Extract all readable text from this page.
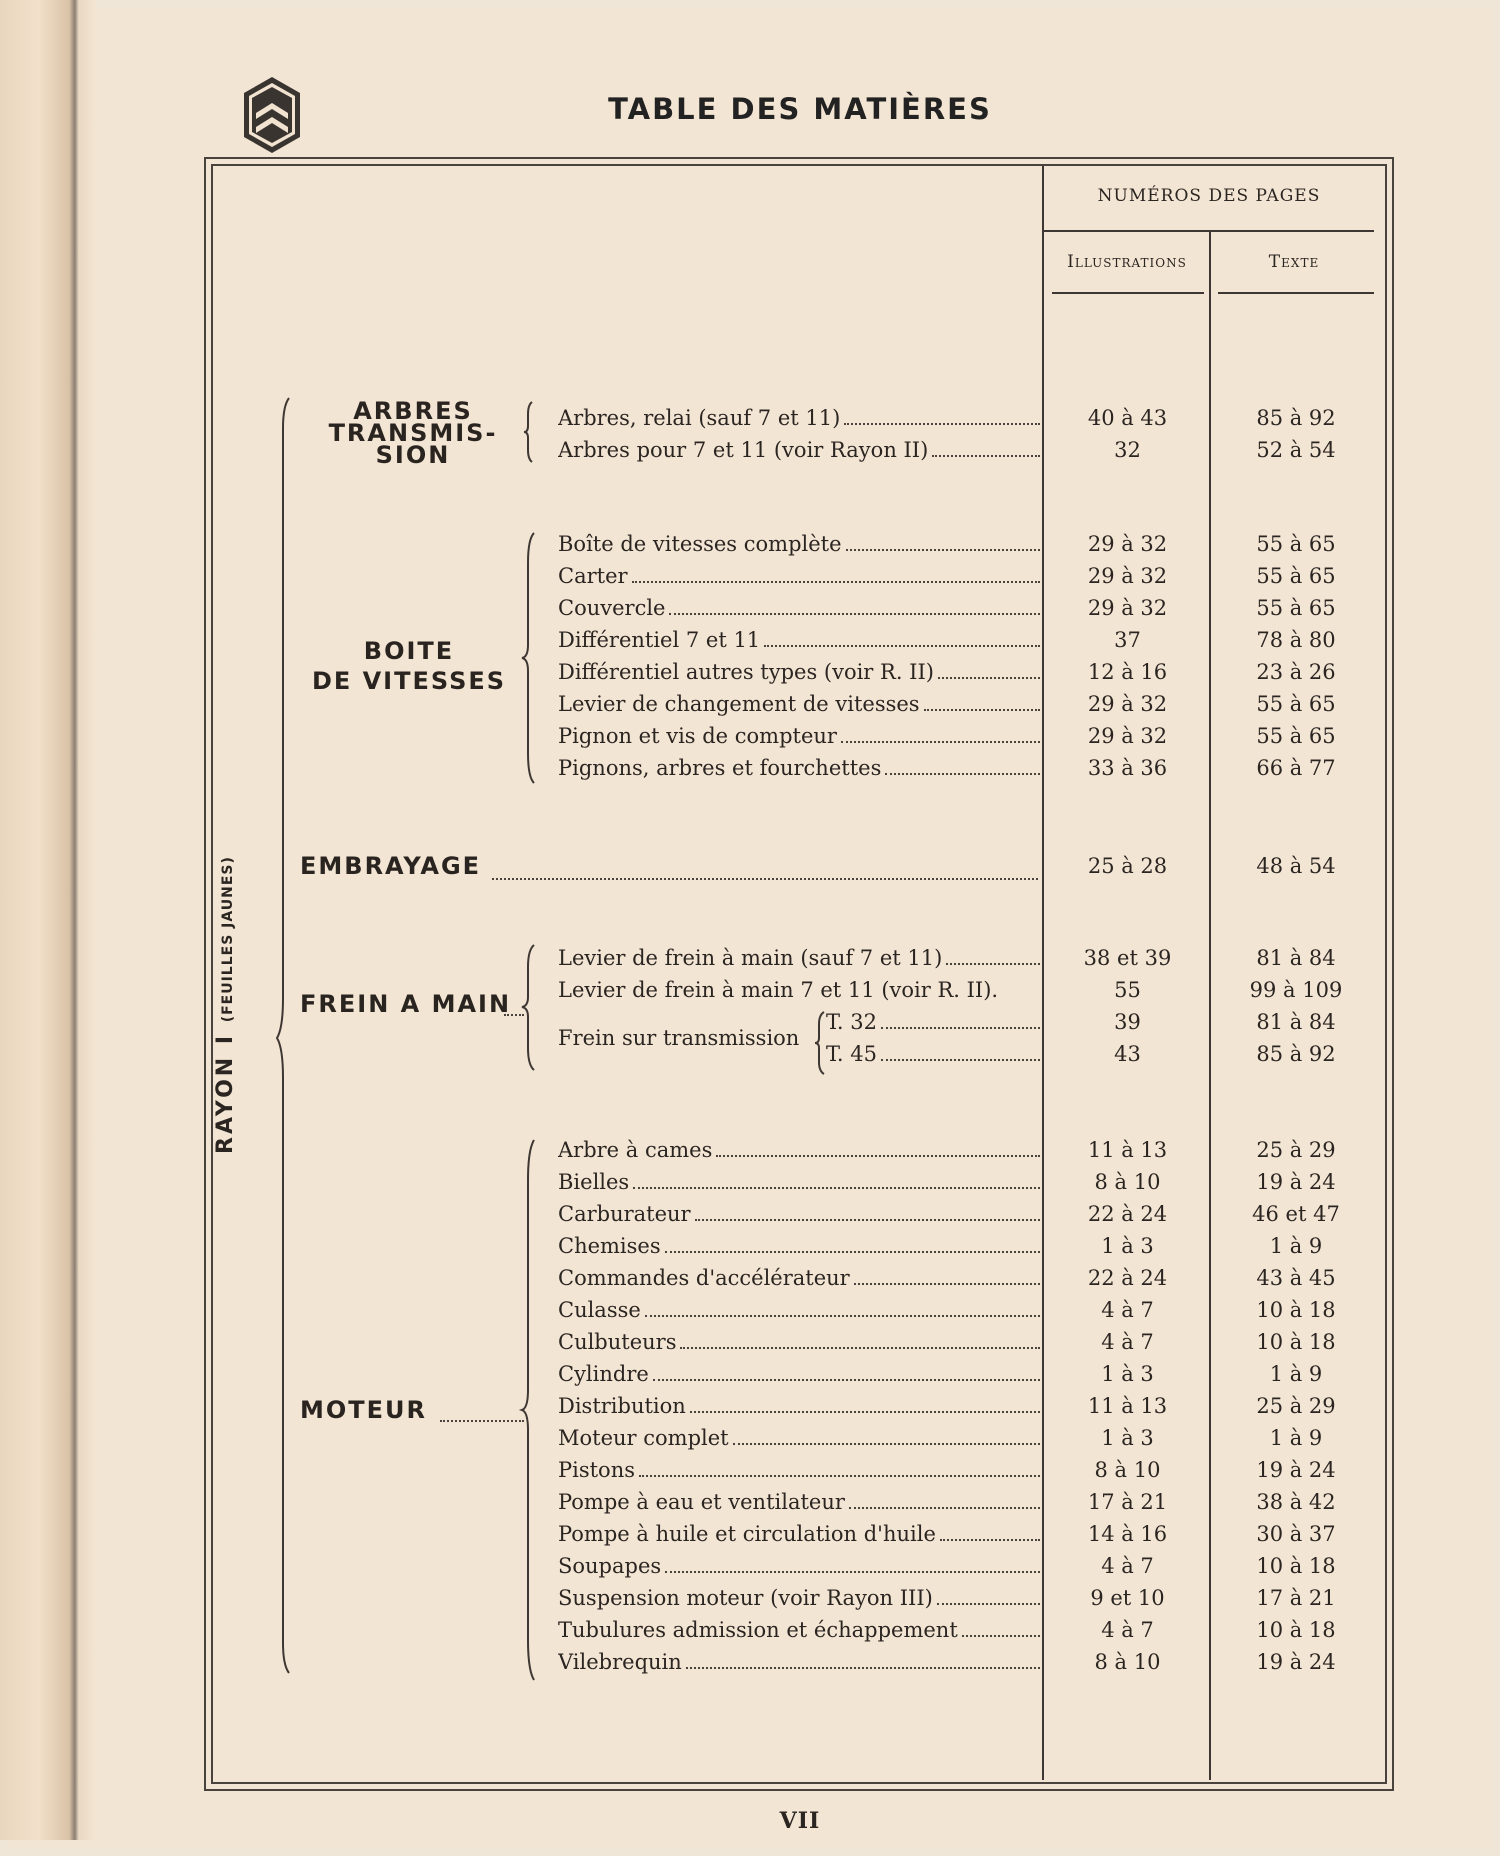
TABLE DES MATIÈRES
NUMÉROS DES PAGES
Illustrations	Texte
RAYON I (FEUILLES JAUNES)
ARBRES
TRANSMIS-
SION
BOITE
DE VITESSES
EMBRAYAGE	25 à 28	48 à 54
FREIN A MAIN
MOTEUR
Frein sur transmission
Arbres, relai (sauf 7 et 11)	40 à 43	85 à 92
Arbres pour 7 et 11 (voir Rayon II)	32	52 à 54
Boîte de vitesses complète	29 à 32	55 à 65
Carter	29 à 32	55 à 65
Couvercle	29 à 32	55 à 65
Différentiel 7 et 11	37	78 à 80
Différentiel autres types (voir R. II)	12 à 16	23 à 26
Levier de changement de vitesses	29 à 32	55 à 65
Pignon et vis de compteur	29 à 32	55 à 65
Pignons, arbres et fourchettes	33 à 36	66 à 77
Levier de frein à main (sauf 7 et 11)	38 et 39	81 à 84
Levier de frein à main 7 et 11 (voir R. II).	55	99 à 109
T. 32	39	81 à 84
T. 45	43	85 à 92
Arbre à cames	11 à 13	25 à 29
Bielles	8 à 10	19 à 24
Carburateur	22 à 24	46 et 47
Chemises	1 à 3	1 à 9
Commandes d'accélérateur	22 à 24	43 à 45
Culasse	4 à 7	10 à 18
Culbuteurs	4 à 7	10 à 18
Cylindre	1 à 3	1 à 9
Distribution	11 à 13	25 à 29
Moteur complet	1 à 3	1 à 9
Pistons	8 à 10	19 à 24
Pompe à eau et ventilateur	17 à 21	38 à 42
Pompe à huile et circulation d'huile	14 à 16	30 à 37
Soupapes	4 à 7	10 à 18
Suspension moteur (voir Rayon III)	9 et 10	17 à 21
Tubulures admission et échappement	4 à 7	10 à 18
Vilebrequin	8 à 10	19 à 24
VII
